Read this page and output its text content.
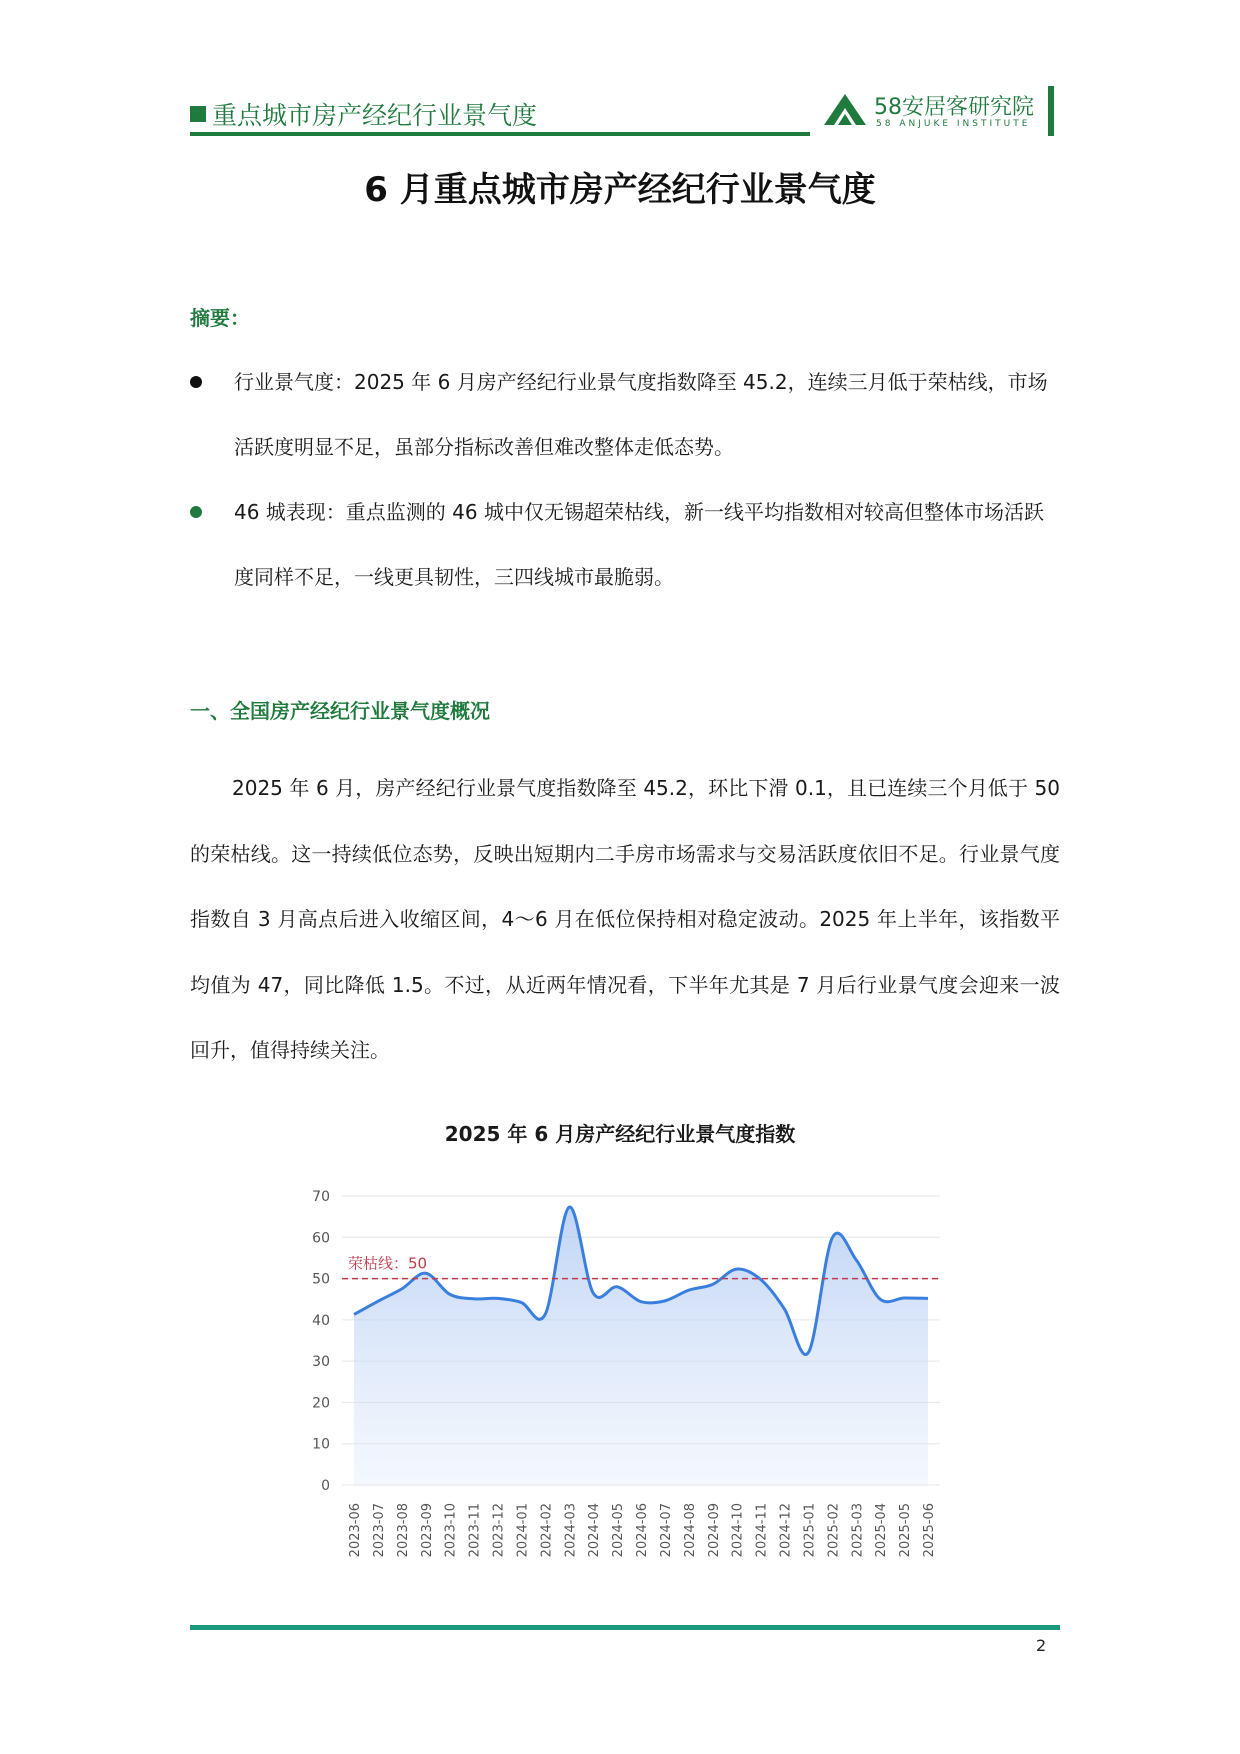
重点城市房产经纪行业景气度	58安居客研究院
58 ANJUKE INSTITUTE
6 月重点城市房产经纪行业景气度
摘要：
行业景气度：2025 年 6 月房产经纪行业景气度指数降至 45.2，连续三月低于荣枯线，市场活跃度明显不足，虽部分指标改善但难改整体走低态势。
46 城表现：重点监测的 46 城中仅无锡超荣枯线，新一线平均指数相对较高但整体市场活跃度同样不足，一线更具韧性，三四线城市最脆弱。
一、全国房产经纪行业景气度概况

2025 年 6 月，房产经纪行业景气度指数降至 45.2，环比下滑 0.1，且已连续三个月低于 50 的荣枯线。这一持续低位态势，反映出短期内二手房市场需求与交易活跃度依旧不足。行业景气度指数自 3 月高点后进入收缩区间，4～6 月在低位保持相对稳定波动。2025 年上半年，该指数平均值为 47，同比降低 1.5。不过，从近两年情况看，下半年尤其是 7 月后行业景气度会迎来一波回升，值得持续关注。

2025 年 6 月房产经纪行业景气度指数
0
10
20
30
40
50
60
70
荣枯线：50
2023-06 2023-07 2023-08 2023-09 2023-10 2023-11 2023-12 2024-01 2024-02 2024-03 2024-04 2024-05 2024-06 2024-07 2024-08 2024-09 2024-10 2024-11 2024-12 2025-01 2025-02 2025-03 2025-04 2025-05 2025-06
2
